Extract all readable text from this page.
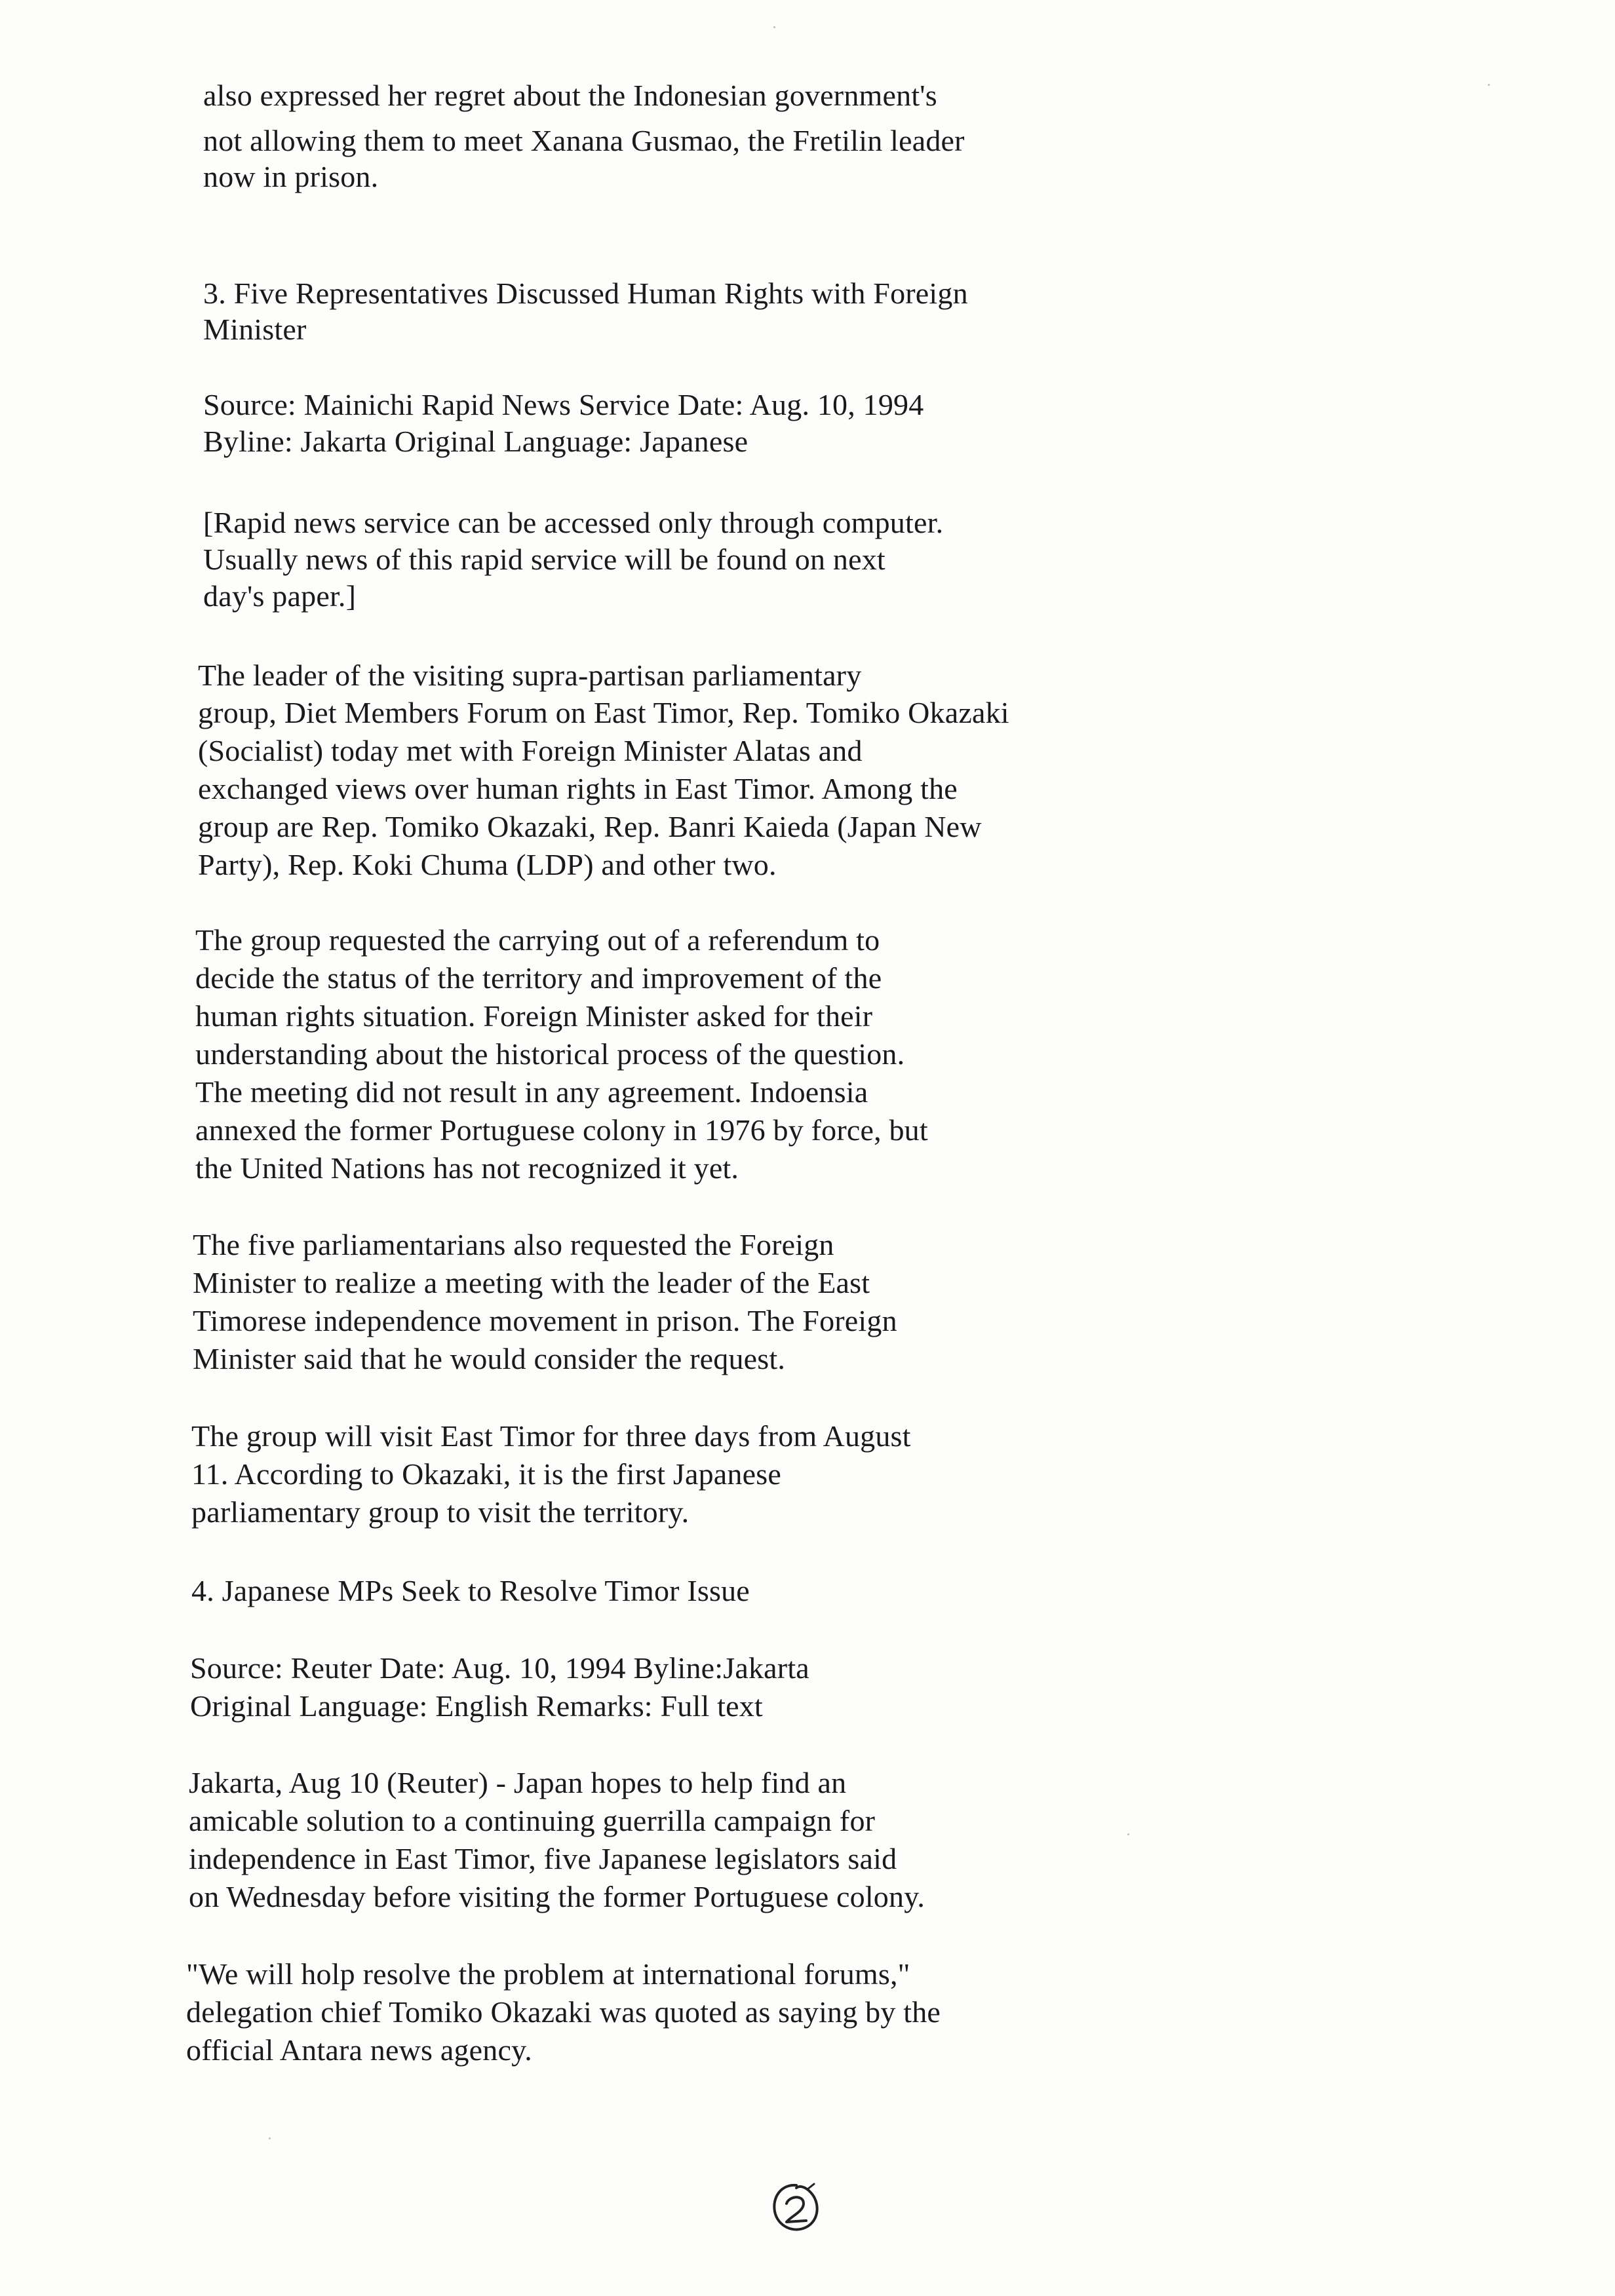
also expressed her regret about the Indonesian government's
not allowing them to meet Xanana Gusmao, the Fretilin leader
now in prison.
3. Five Representatives Discussed Human Rights with Foreign
Minister
Source: Mainichi Rapid News Service Date: Aug. 10, 1994
Byline: Jakarta Original Language: Japanese
[Rapid news service can be accessed only through computer.
Usually news of this rapid service will be found on next
day's paper.]
The leader of the visiting supra-partisan parliamentary
group, Diet Members Forum on East Timor, Rep. Tomiko Okazaki
(Socialist) today met with Foreign Minister Alatas and
exchanged views over human rights in East Timor. Among the
group are Rep. Tomiko Okazaki, Rep. Banri Kaieda (Japan New
Party), Rep. Koki Chuma (LDP) and other two.
The group requested the carrying out of a referendum to
decide the status of the territory and improvement of the
human rights situation. Foreign Minister asked for their
understanding about the historical process of the question.
The meeting did not result in any agreement. Indoensia
annexed the former Portuguese colony in 1976 by force, but
the United Nations has not recognized it yet.
The five parliamentarians also requested the Foreign
Minister to realize a meeting with the leader of the East
Timorese independence movement in prison. The Foreign
Minister said that he would consider the request.
The group will visit East Timor for three days from August
11. According to Okazaki, it is the first Japanese
parliamentary group to visit the territory.
4. Japanese MPs Seek to Resolve Timor Issue
Source: Reuter Date: Aug. 10, 1994 Byline:Jakarta
Original Language: English Remarks: Full text
Jakarta, Aug 10 (Reuter) - Japan hopes to help find an
amicable solution to a continuing guerrilla campaign for
independence in East Timor, five Japanese legislators said
on Wednesday before visiting the former Portuguese colony.
"We will holp resolve the problem at international forums,"
delegation chief Tomiko Okazaki was quoted as saying by the
official Antara news agency.
